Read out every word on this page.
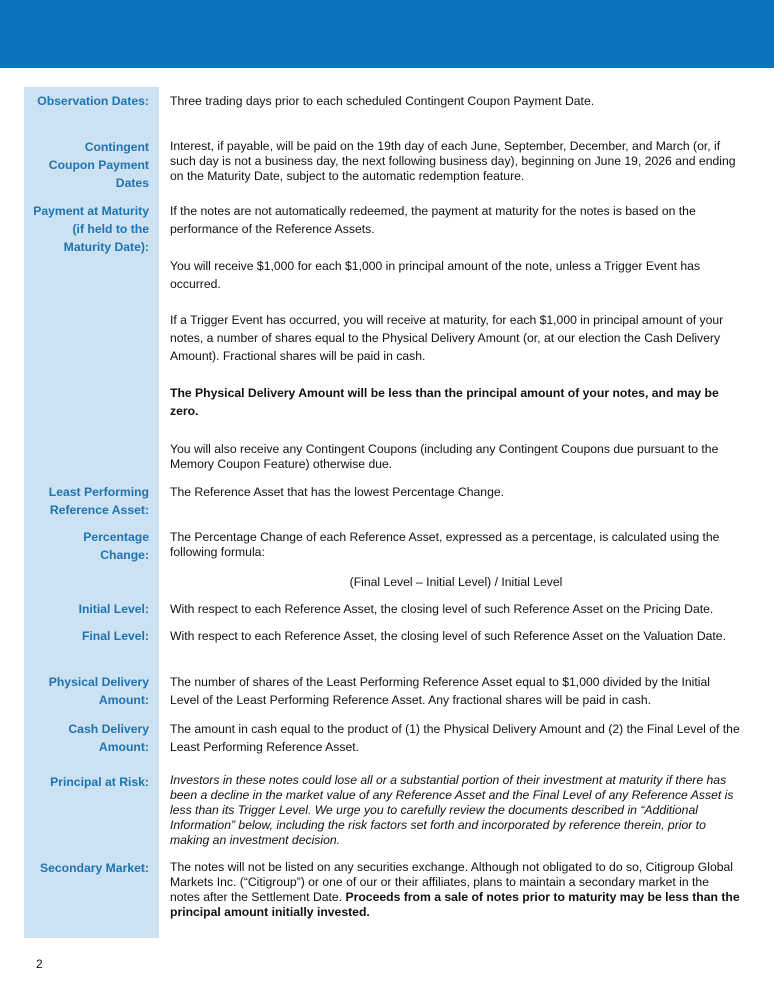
Observation Dates: Three trading days prior to each scheduled Contingent Coupon Payment Date.
Contingent Coupon Payment Dates
Interest, if payable, will be paid on the 19th day of each June, September, December, and March (or, if such day is not a business day, the next following business day), beginning on June 19, 2026 and ending on the Maturity Date, subject to the automatic redemption feature.
Payment at Maturity (if held to the Maturity Date):
If the notes are not automatically redeemed, the payment at maturity for the notes is based on the performance of the Reference Assets.
You will receive $1,000 for each $1,000 in principal amount of the note, unless a Trigger Event has occurred.
If a Trigger Event has occurred, you will receive at maturity, for each $1,000 in principal amount of your notes, a number of shares equal to the Physical Delivery Amount (or, at our election the Cash Delivery Amount). Fractional shares will be paid in cash.
The Physical Delivery Amount will be less than the principal amount of your notes, and may be zero.
You will also receive any Contingent Coupons (including any Contingent Coupons due pursuant to the Memory Coupon Feature) otherwise due.
Least Performing Reference Asset:
The Reference Asset that has the lowest Percentage Change.
Percentage Change:
The Percentage Change of each Reference Asset, expressed as a percentage, is calculated using the following formula:
(Final Level – Initial Level) / Initial Level
Initial Level: With respect to each Reference Asset, the closing level of such Reference Asset on the Pricing Date.
Final Level: With respect to each Reference Asset, the closing level of such Reference Asset on the Valuation Date.
Physical Delivery Amount:
The number of shares of the Least Performing Reference Asset equal to $1,000 divided by the Initial Level of the Least Performing Reference Asset. Any fractional shares will be paid in cash.
Cash Delivery Amount:
The amount in cash equal to the product of (1) the Physical Delivery Amount and (2) the Final Level of the Least Performing Reference Asset.
Principal at Risk: Investors in these notes could lose all or a substantial portion of their investment at maturity if there has been a decline in the market value of any Reference Asset and the Final Level of any Reference Asset is less than its Trigger Level. We urge you to carefully review the documents described in “Additional Information” below, including the risk factors set forth and incorporated by reference therein, prior to making an investment decision.
Secondary Market: The notes will not be listed on any securities exchange. Although not obligated to do so, Citigroup Global Markets Inc. (“Citigroup”) or one of our or their affiliates, plans to maintain a secondary market in the notes after the Settlement Date. Proceeds from a sale of notes prior to maturity may be less than the principal amount initially invested.
2
